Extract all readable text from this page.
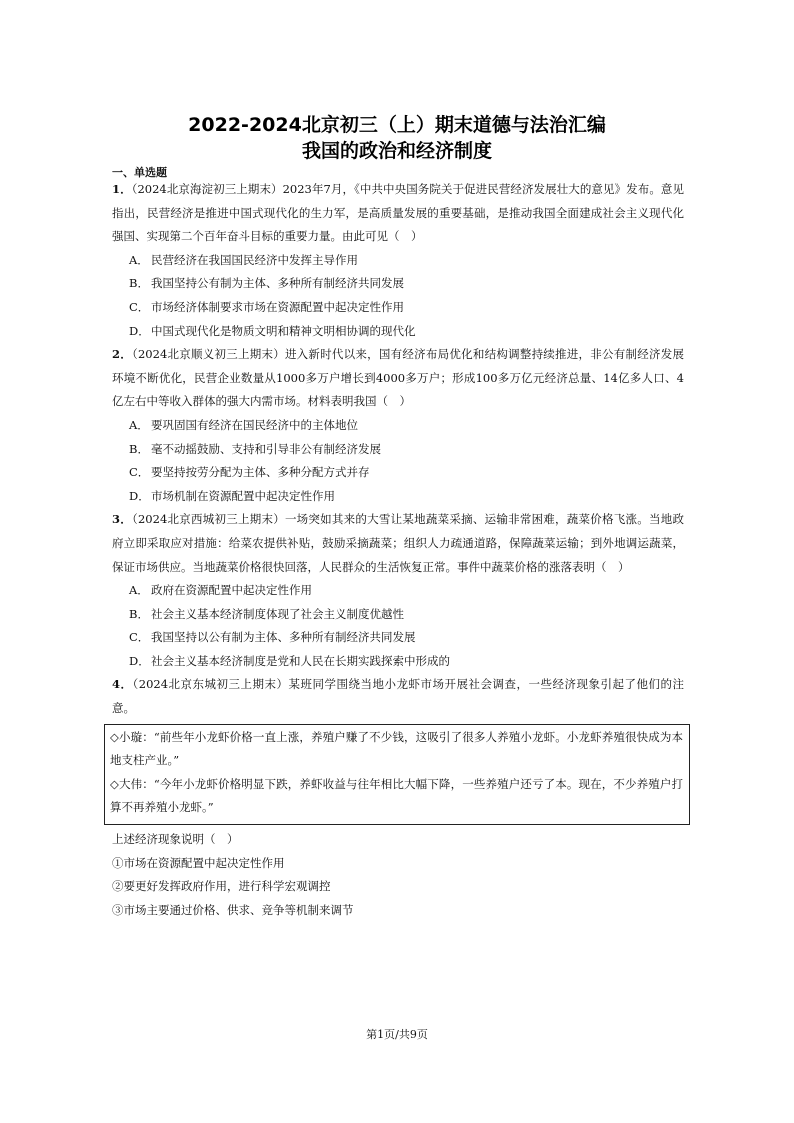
2022-2024北京初三（上）期末道德与法治汇编
我国的政治和经济制度
一、单选题

1．（2024北京海淀初三上期末）2023年7月，《中共中央国务院关于促进民营经济发展壮大的意见》发布。意见指出，民营经济是推进中国式现代化的生力军，是高质量发展的重要基础，是推动我国全面建成社会主义现代化强国、实现第二个百年奋斗目标的重要力量。由此可见（　）

A． 民营经济在我国国民经济中发挥主导作用
B． 我国坚持公有制为主体、多种所有制经济共同发展
C． 市场经济体制要求市场在资源配置中起决定性作用
D．中国式现代化是物质文明和精神文明相协调的现代化

2．（2024北京顺义初三上期末）进入新时代以来，国有经济布局优化和结构调整持续推进，非公有制经济发展环境不断优化，民营企业数量从1000多万户增长到4000多万户；形成100多万亿元经济总量、14亿多人口、4亿左右中等收入群体的强大内需市场。材料表明我国（　）

A． 要巩固国有经济在国民经济中的主体地位
B． 毫不动摇鼓励、支持和引导非公有制经济发展
C． 要坚持按劳分配为主体、多种分配方式并存
D．市场机制在资源配置中起决定性作用

3．（2024北京西城初三上期末）一场突如其来的大雪让某地蔬菜采摘、运输非常困难，蔬菜价格飞涨。当地政府立即采取应对措施：给菜农提供补贴，鼓励采摘蔬菜；组织人力疏通道路，保障蔬菜运输；到外地调运蔬菜，保证市场供应。当地蔬菜价格很快回落，人民群众的生活恢复正常。事件中蔬菜价格的涨落表明（　）

A． 政府在资源配置中起决定性作用
B． 社会主义基本经济制度体现了社会主义制度优越性
C． 我国坚持以公有制为主体、多种所有制经济共同发展
D．社会主义基本经济制度是党和人民在长期实践探索中形成的

4．（2024北京东城初三上期末）某班同学围绕当地小龙虾市场开展社会调查，一些经济现象引起了他们的注意。

◇小璇：“前些年小龙虾价格一直上涨，养殖户赚了不少钱，这吸引了很多人养殖小龙虾。小龙虾养殖很快成为本地支柱产业。”

◇大伟：“今年小龙虾价格明显下跌，养虾收益与往年相比大幅下降，一些养殖户还亏了本。现在，不少养殖户打算不再养殖小龙虾。”

上述经济现象说明（　）

①市场在资源配置中起决定性作用

②要更好发挥政府作用，进行科学宏观调控

③市场主要通过价格、供求、竞争等机制来调节

第1页/共9页
